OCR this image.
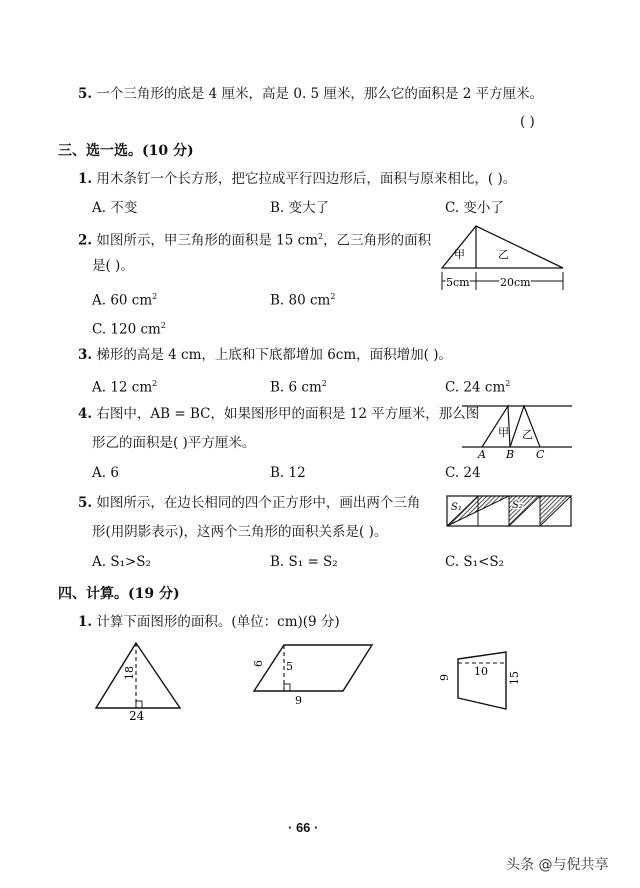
5. 一个三角形的底是 4 厘米，高是 0. 5 厘米，那么它的面积是 2 平方厘米。
( )
三、选一选。(10 分)
1. 用木条钉一个长方形，把它拉成平行四边形后，面积与原来相比，( )。
A. 不变	B. 变大了	C. 变小了
2. 如图所示，甲三角形的面积是 15 $cm^2$，乙三角形的面积
是( )。
A. 60 $cm^2$	B. 80 $cm^2$
C. 120 $cm^2$
甲	乙
5cm	20cm
3. 梯形的高是 4 cm，上底和下底都增加 6cm，面积增加( )。
A. 12 $cm^2$	B. 6 $cm^2$	C. 24 $cm^2$
4. 右图中，AB = BC，如果图形甲的面积是 12 平方厘米，那么图
形乙的面积是( )平方厘米。
A. 6	B. 12	C. 24
甲 乙
A B C
5. 如图所示，在边长相同的四个正方形中，画出两个三角
形(用阴影表示)，这两个三角形的面积关系是( )。
A. S₁>S₂	B. S₁ = S₂	C. S₁<S₂
S₁	S₂
四、计算。(19 分)
1. 计算下面图形的面积。(单位：cm)(9 分)
18
24
6 5
9
10
9	15
· 66 ·
头条 @与倪共享
